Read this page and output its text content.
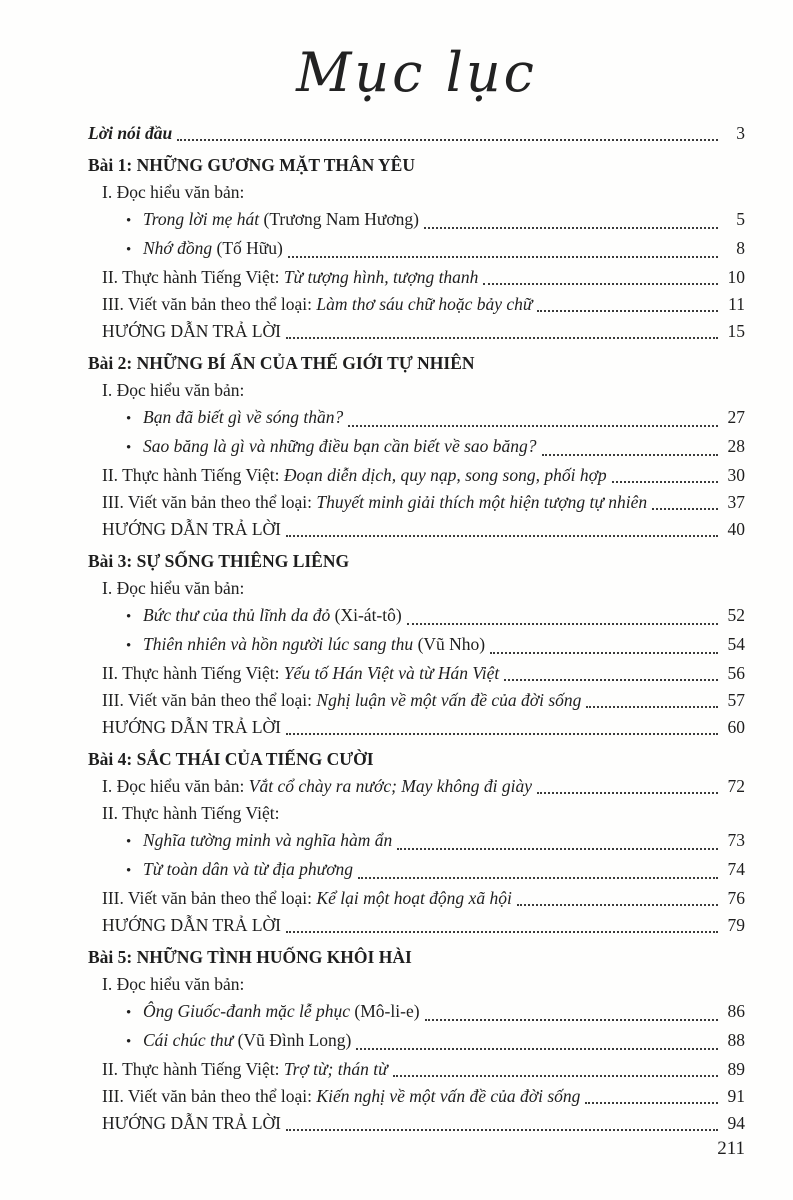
Mục lục
Lời nói đầu	3
Bài 1: NHỮNG GƯƠNG MẶT THÂN YÊU
I. Đọc hiểu văn bản:
• Trong lời mẹ hát (Trương Nam Hương)	5
• Nhớ đồng (Tố Hữu)	8
II. Thực hành Tiếng Việt: Từ tượng hình, tượng thanh	10
III. Viết văn bản theo thể loại: Làm thơ sáu chữ hoặc bảy chữ	11
HƯỚNG DẪN TRẢ LỜI	15
Bài 2: NHỮNG BÍ ẨN CỦA THẾ GIỚI TỰ NHIÊN
I. Đọc hiểu văn bản:
• Bạn đã biết gì về sóng thần?	27
• Sao băng là gì và những điều bạn cần biết về sao băng?	28
II. Thực hành Tiếng Việt: Đoạn diễn dịch, quy nạp, song song, phối hợp	30
III. Viết văn bản theo thể loại: Thuyết minh giải thích một hiện tượng tự nhiên	37
HƯỚNG DẪN TRẢ LỜI	40
Bài 3: SỰ SỐNG THIÊNG LIÊNG
I. Đọc hiểu văn bản:
• Bức thư của thủ lĩnh da đỏ (Xi-át-tô)	52
• Thiên nhiên và hồn người lúc sang thu (Vũ Nho)	54
II. Thực hành Tiếng Việt: Yếu tố Hán Việt và từ Hán Việt	56
III. Viết văn bản theo thể loại: Nghị luận về một vấn đề của đời sống	57
HƯỚNG DẪN TRẢ LỜI	60
Bài 4: SẮC THÁI CỦA TIẾNG CƯỜI
I. Đọc hiểu văn bản: Vắt cổ chày ra nước; May không đi giày	72
II. Thực hành Tiếng Việt:
• Nghĩa tường minh và nghĩa hàm ẩn	73
• Từ toàn dân và từ địa phương	74
III. Viết văn bản theo thể loại: Kể lại một hoạt động xã hội	76
HƯỚNG DẪN TRẢ LỜI	79
Bài 5: NHỮNG TÌNH HUỐNG KHÔI HÀI
I. Đọc hiểu văn bản:
• Ông Giuốc-đanh mặc lễ phục (Mô-li-e)	86
• Cái chúc thư (Vũ Đình Long)	88
II. Thực hành Tiếng Việt: Trợ từ; thán từ	89
III. Viết văn bản theo thể loại: Kiến nghị về một vấn đề của đời sống	91
HƯỚNG DẪN TRẢ LỜI	94
211
